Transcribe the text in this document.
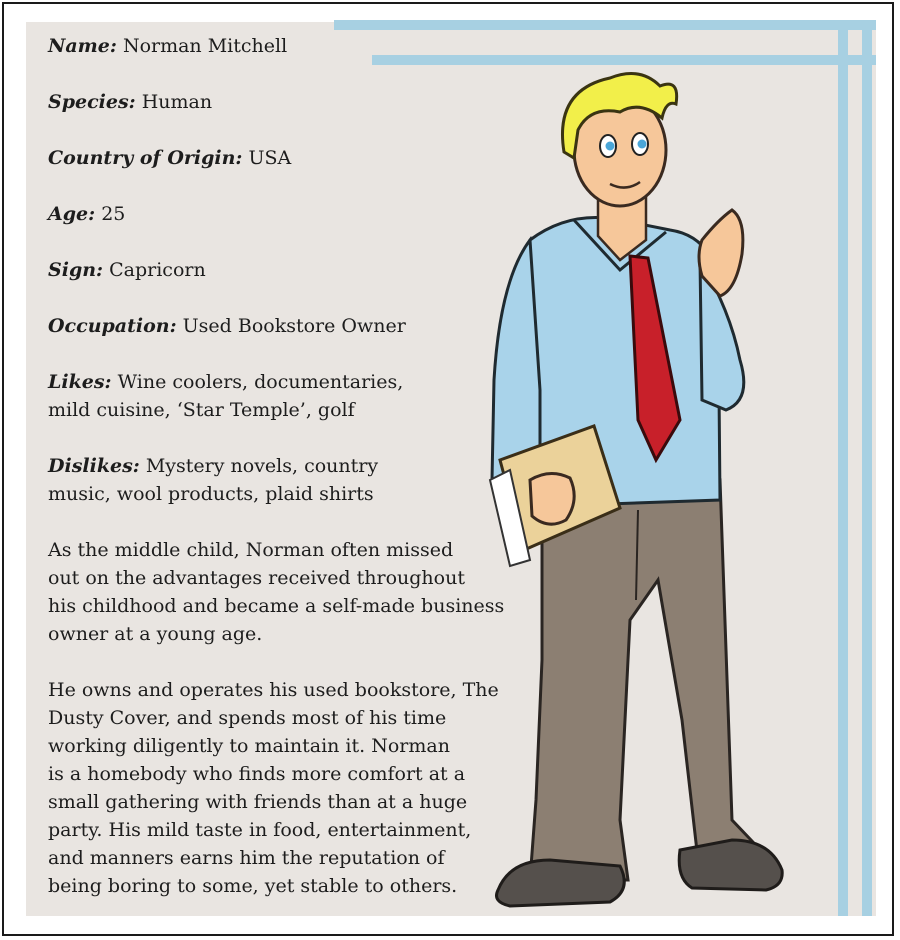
Name: Norman Mitchell
Species: Human
Country of Origin: USA
Age: 25
Sign: Capricorn
Occupation: Used Bookstore Owner
Likes: Wine coolers, documentaries,
mild cuisine, ‘Star Temple’, golf
Dislikes: Mystery novels, country
music, wool products, plaid shirts

As the middle child, Norman often missed

out on the advantages received throughout

his childhood and became a self-made business

owner at a young age.

He owns and operates his used bookstore, The

Dusty Cover, and spends most of his time

working diligently to maintain it. Norman

is a homebody who finds more comfort at a

small gathering with friends than at a huge

party. His mild taste in food, entertainment,

and manners earns him the reputation of

being boring to some, yet stable to others.
